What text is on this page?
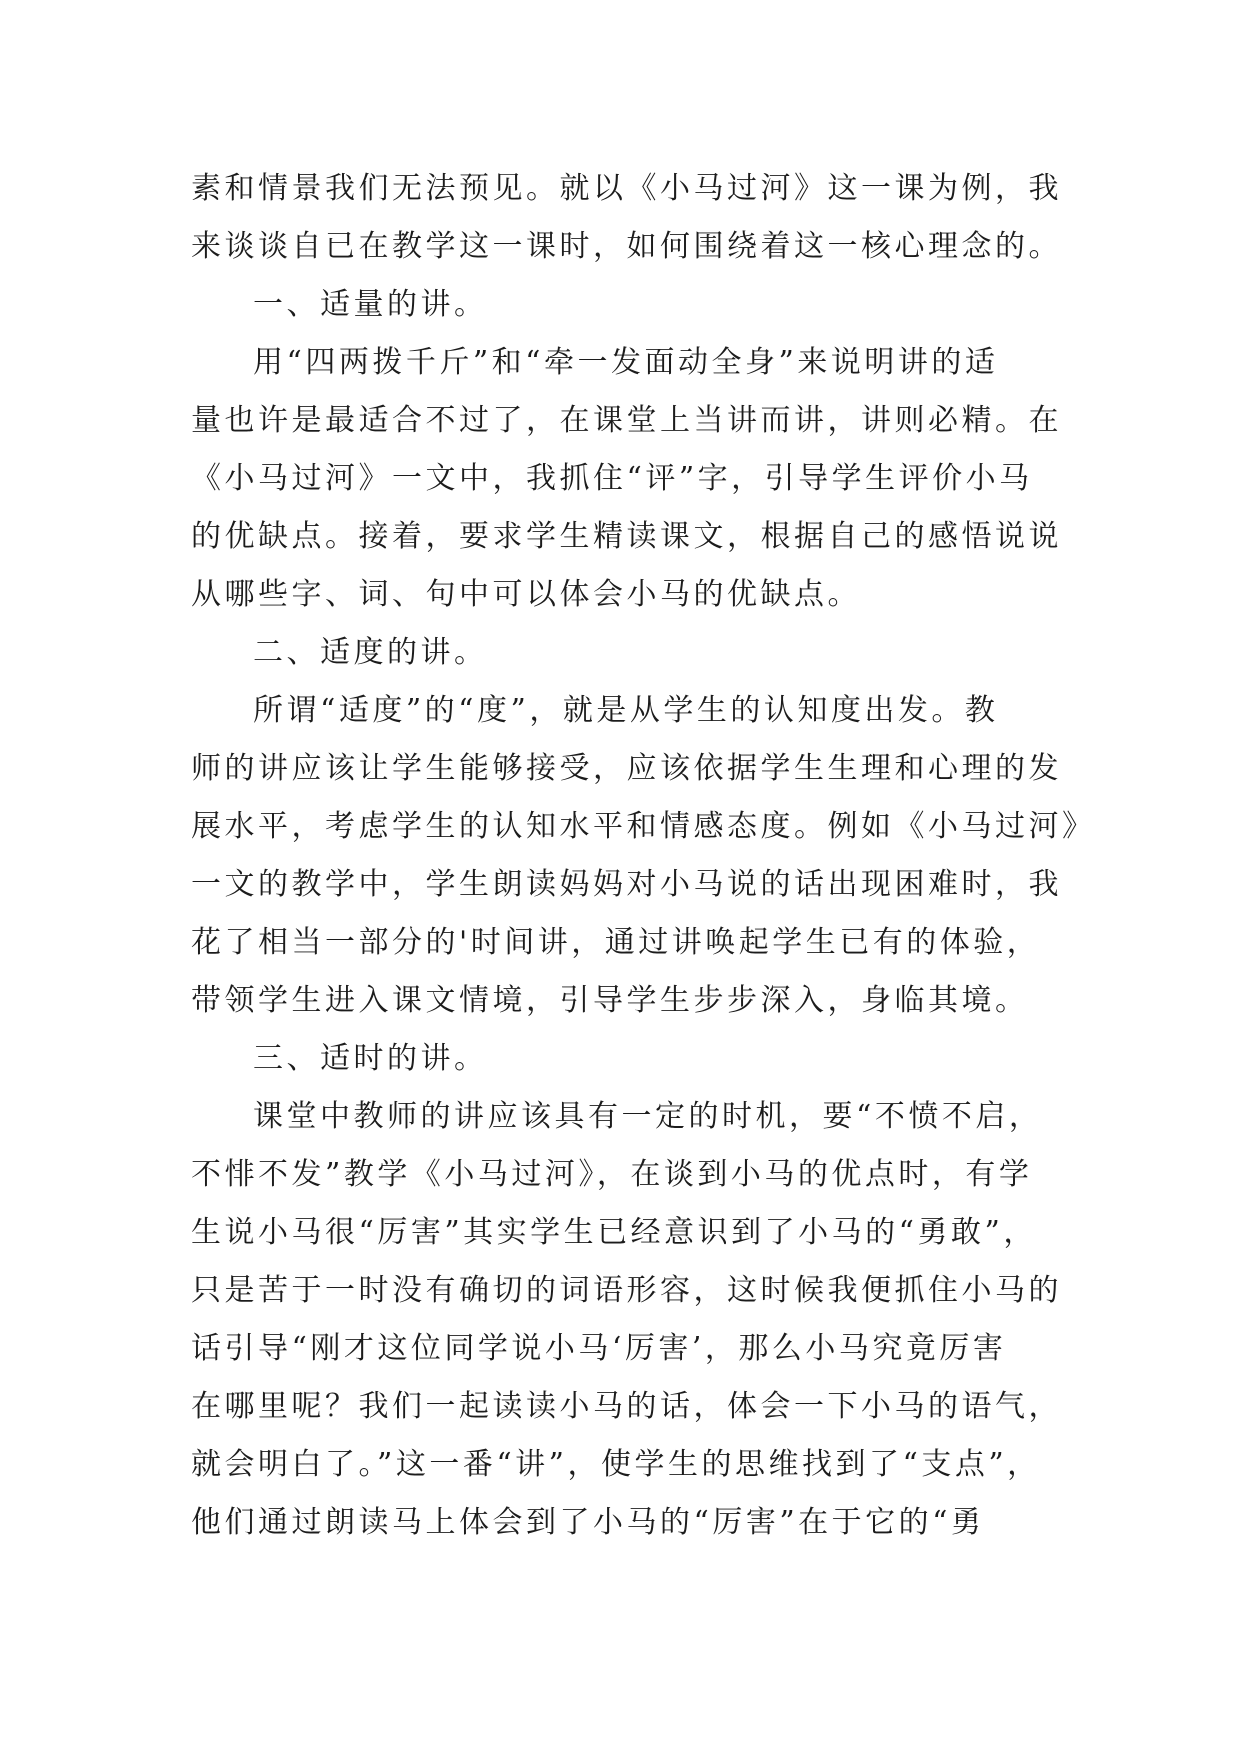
素和情景我们无法预见。就以《小马过河》这一课为例，我
来谈谈自已在教学这一课时，如何围绕着这一核心理念的。
一、适量的讲。
用“四两拨千斤”和“牵一发面动全身”来说明讲的适
量也许是最适合不过了，在课堂上当讲而讲，讲则必精。在
《小马过河》一文中，我抓住“评”字，引导学生评价小马
的优缺点。接着，要求学生精读课文，根据自己的感悟说说
从哪些字、词、句中可以体会小马的优缺点。
二、适度的讲。
所谓“适度”的“度”，就是从学生的认知度出发。教
师的讲应该让学生能够接受，应该依据学生生理和心理的发
展水平，考虑学生的认知水平和情感态度。例如《小马过河》
一文的教学中，学生朗读妈妈对小马说的话出现困难时，我
花了相当一部分的'时间讲，通过讲唤起学生已有的体验，
带领学生进入课文情境，引导学生步步深入，身临其境。
三、适时的讲。
课堂中教师的讲应该具有一定的时机，要“不愤不启，
不悱不发”教学《小马过河》，在谈到小马的优点时，有学
生说小马很“厉害”其实学生已经意识到了小马的“勇敢”，
只是苦于一时没有确切的词语形容，这时候我便抓住小马的
话引导“刚才这位同学说小马‘厉害’，那么小马究竟厉害
在哪里呢？我们一起读读小马的话，体会一下小马的语气，
就会明白了。”这一番“讲”，使学生的思维找到了“支点”，
他们通过朗读马上体会到了小马的“厉害”在于它的“勇
